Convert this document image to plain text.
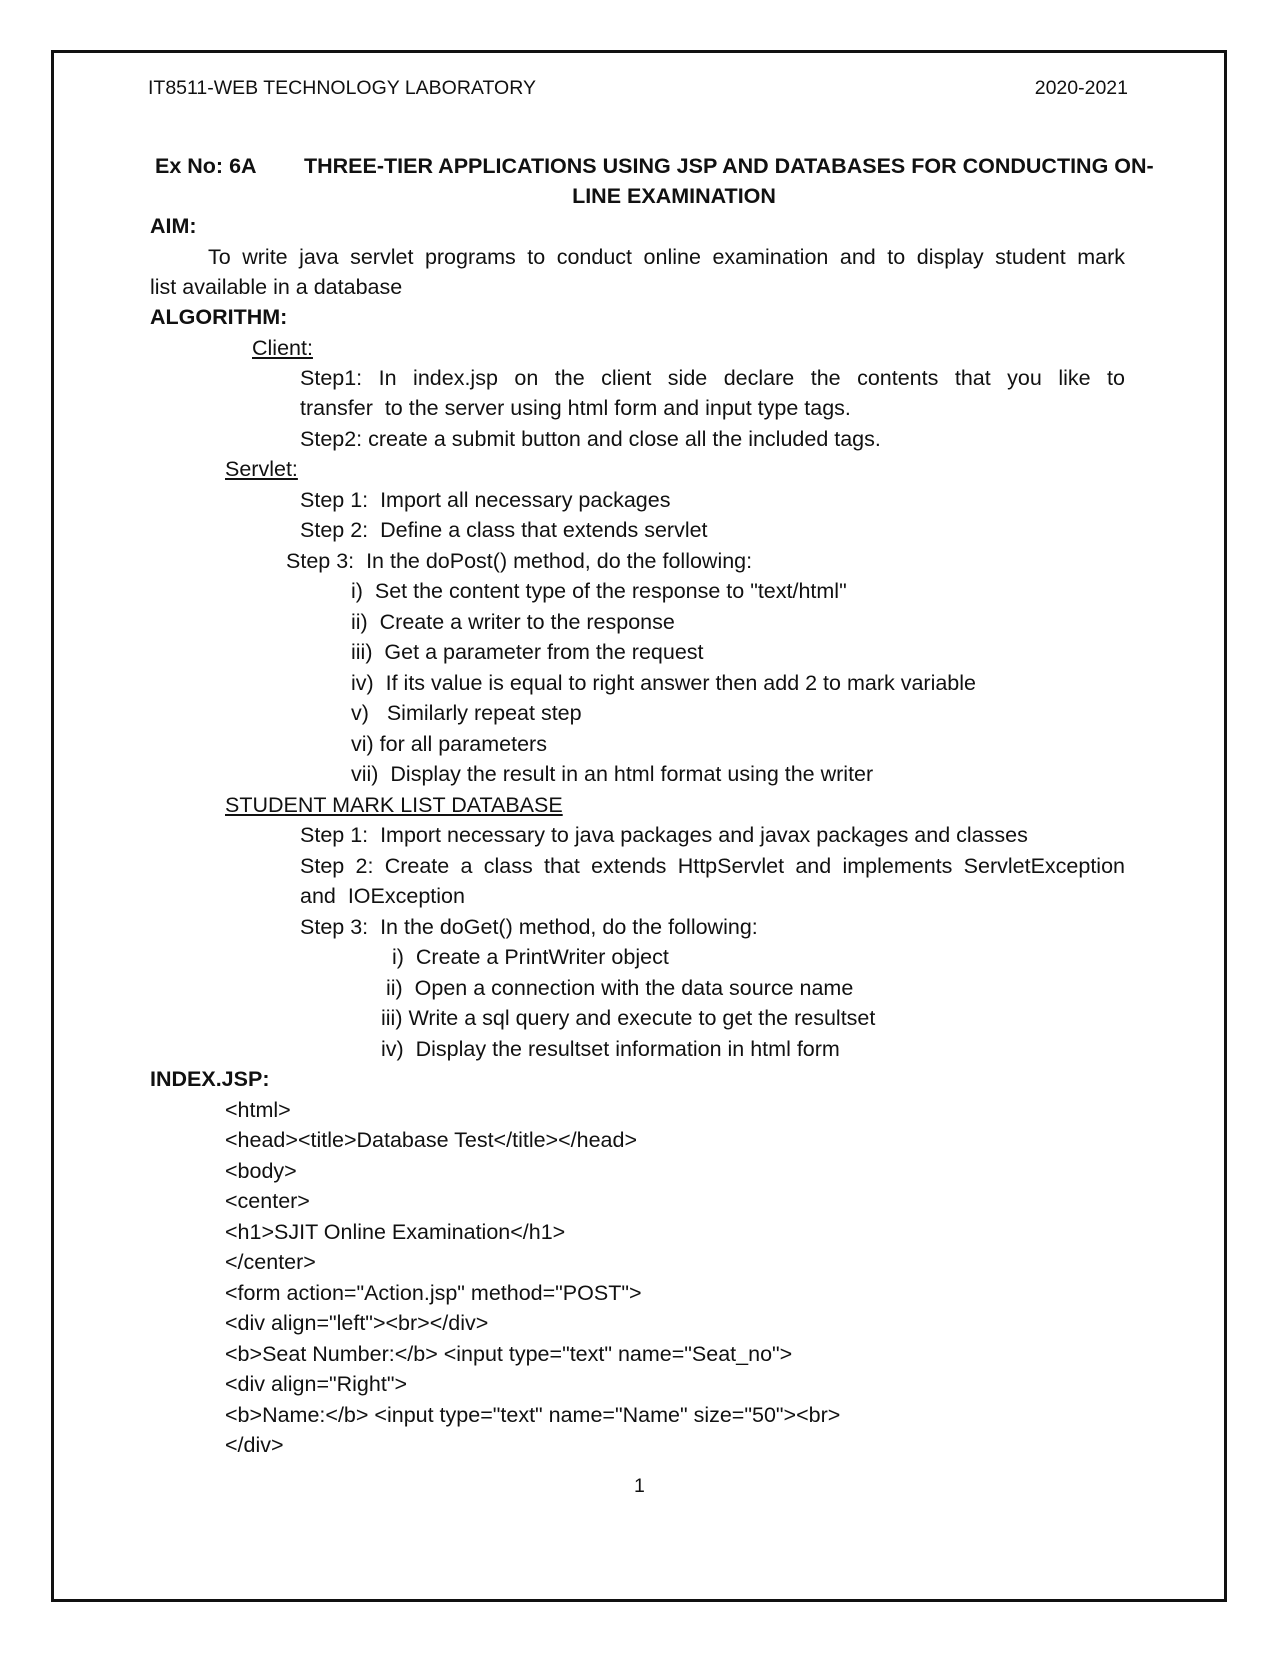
IT8511-WEB TECHNOLOGY LABORATORY	2020-2021
Ex No: 6A THREE-TIER APPLICATIONS USING JSP AND DATABASES FOR CONDUCTING ON-
LINE EXAMINATION
AIM:
To write java servlet programs to conduct online examination and to display student mark
list available in a database
ALGORITHM:
Client:
Step1: In index.jsp on the client side declare the contents that you like to
transfer  to the server using html form and input type tags.
Step2: create a submit button and close all the included tags.
Servlet:
Step 1:  Import all necessary packages
Step 2:  Define a class that extends servlet
Step 3:  In the doPost() method, do the following:
i)  Set the content type of the response to "text/html"
ii)  Create a writer to the response
iii)  Get a parameter from the request
iv)  If its value is equal to right answer then add 2 to mark variable
v)   Similarly repeat step
vi) for all parameters
vii)  Display the result in an html format using the writer
STUDENT MARK LIST DATABASE
Step 1:  Import necessary to java packages and javax packages and classes
Step 2: Create a class that extends HttpServlet and implements ServletException
and  IOException
Step 3:  In the doGet() method, do the following:
i)  Create a PrintWriter object
ii)  Open a connection with the data source name
iii) Write a sql query and execute to get the resultset
iv)  Display the resultset information in html form
INDEX.JSP:
<html>
<head><title>Database Test</title></head>
<body>
<center>
<h1>SJIT Online Examination</h1>
</center>
<form action="Action.jsp" method="POST">
<div align="left"><br></div>
<b>Seat Number:</b> <input type="text" name="Seat_no">
<div align="Right">
<b>Name:</b> <input type="text" name="Name" size="50"><br>
</div>
1
